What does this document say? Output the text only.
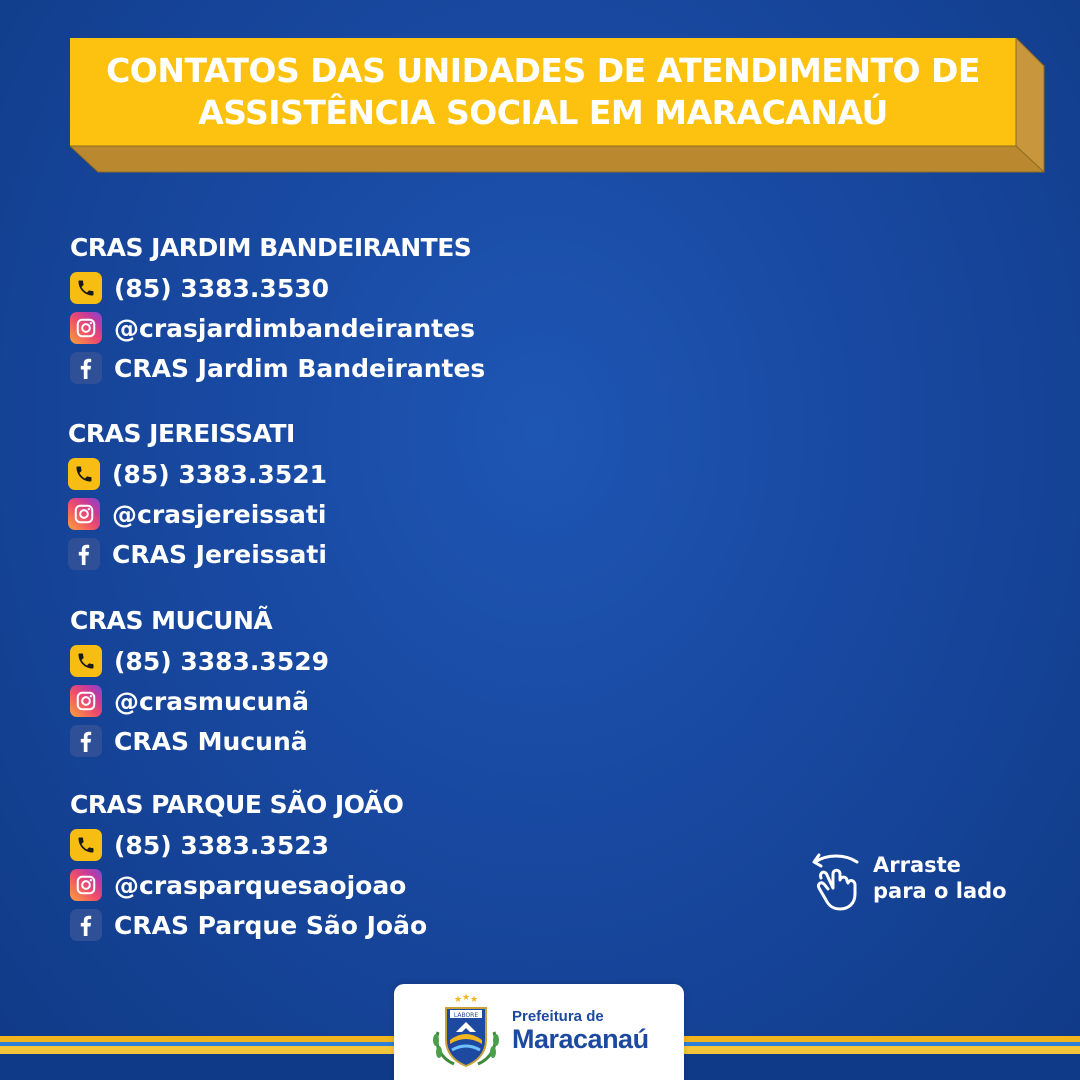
CONTATOS DAS UNIDADES DE ATENDIMENTO DE
ASSISTÊNCIA SOCIAL EM MARACANAÚ
CRAS JARDIM BANDEIRANTES
(85) 3383.3530
@crasjardimbandeirantes
CRAS Jardim Bandeirantes
CRAS JEREISSATI
(85) 3383.3521
@crasjereissati
CRAS Jereissati
CRAS MUCUNÃ
(85) 3383.3529
@crasmucunã
CRAS Mucunã
CRAS PARQUE SÃO JOÃO
(85) 3383.3523
@crasparquesaojoao
CRAS Parque São João
Arraste
para o lado
★ ★ ★
LABORE Prefeitura de
Maracanaú
